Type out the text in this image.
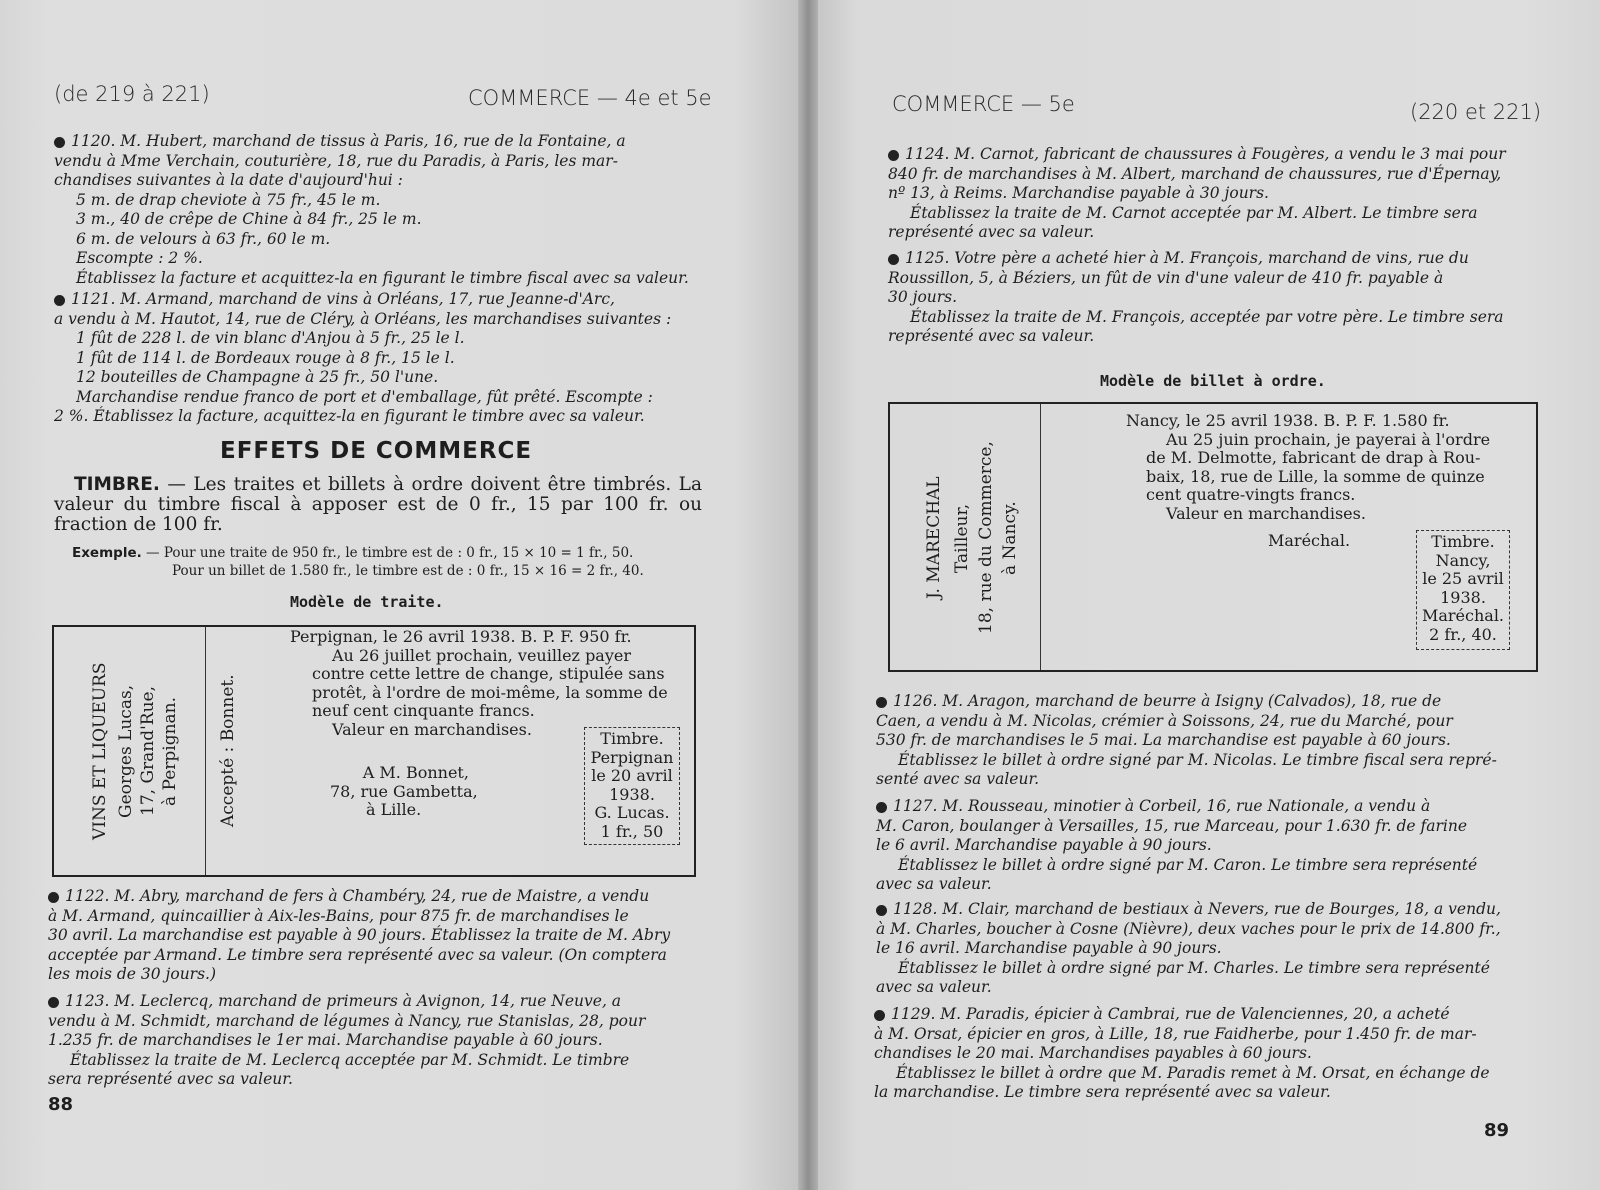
(de 219 à 221)	COMMERCE — 4e et 5e
1120. M. Hubert, marchand de tissus à Paris, 16, rue de la Fontaine, a
vendu à Mme Verchain, couturière, 18, rue du Paradis, à Paris, les mar-
chandises suivantes à la date d'aujourd'hui :
5 m. de drap cheviote à 75 fr., 45 le m.
3 m., 40 de crêpe de Chine à 84 fr., 25 le m.
6 m. de velours à 63 fr., 60 le m.
Escompte : 2 %.
Établissez la facture et acquittez-la en figurant le timbre fiscal avec sa valeur.
1121. M. Armand, marchand de vins à Orléans, 17, rue Jeanne-d'Arc,
a vendu à M. Hautot, 14, rue de Cléry, à Orléans, les marchandises suivantes :
1 fût de 228 l. de vin blanc d'Anjou à 5 fr., 25 le l.
1 fût de 114 l. de Bordeaux rouge à 8 fr., 15 le l.
12 bouteilles de Champagne à 25 fr., 50 l'une.
Marchandise rendue franco de port et d'emballage, fût prêté. Escompte :
2 %. Établissez la facture, acquittez-la en figurant le timbre avec sa valeur.
EFFETS DE COMMERCE
TIMBRE. — Les traites et billets à ordre doivent être timbrés. La valeur du timbre fiscal à apposer est de 0 fr., 15 par 100 fr. ou fraction de 100 fr.
Exemple. — Pour une traite de 950 fr., le timbre est de : 0 fr., 15 × 10 = 1 fr., 50.
Pour un billet de 1.580 fr., le timbre est de : 0 fr., 15 × 16 = 2 fr., 40.
Modèle de traite.
VINS ET LIQUEURS Georges Lucas, 17, Grand'Rue, à Perpignan. Accepté : Bonnet.
Perpignan, le 26 avril 1938. B. P. F. 950 fr.
Au 26 juillet prochain, veuillez payer
contre cette lettre de change, stipulée sans
protêt, à l'ordre de moi-même, la somme de
neuf cent cinquante francs.
Valeur en marchandises.
A M. Bonnet,
78, rue Gambetta,
à Lille.
Timbre.
Perpignan
le 20 avril
1938.
G. Lucas.
1 fr., 50
1122. M. Abry, marchand de fers à Chambéry, 24, rue de Maistre, a vendu
à M. Armand, quincaillier à Aix-les-Bains, pour 875 fr. de marchandises le
30 avril. La marchandise est payable à 90 jours. Établissez la traite de M. Abry
acceptée par Armand. Le timbre sera représenté avec sa valeur. (On comptera
les mois de 30 jours.)
1123. M. Leclercq, marchand de primeurs à Avignon, 14, rue Neuve, a
vendu à M. Schmidt, marchand de légumes à Nancy, rue Stanislas, 28, pour
1.235 fr. de marchandises le 1er mai. Marchandise payable à 60 jours.
Établissez la traite de M. Leclercq acceptée par M. Schmidt. Le timbre
sera représenté avec sa valeur.
88
COMMERCE — 5e	(220 et 221)
1124. M. Carnot, fabricant de chaussures à Fougères, a vendu le 3 mai pour
840 fr. de marchandises à M. Albert, marchand de chaussures, rue d'Épernay,
nº 13, à Reims. Marchandise payable à 30 jours.
Établissez la traite de M. Carnot acceptée par M. Albert. Le timbre sera
représenté avec sa valeur.
1125. Votre père a acheté hier à M. François, marchand de vins, rue du
Roussillon, 5, à Béziers, un fût de vin d'une valeur de 410 fr. payable à
30 jours.
Établissez la traite de M. François, acceptée par votre père. Le timbre sera
représenté avec sa valeur.
Modèle de billet à ordre.
J. MARECHAL Tailleur, 18, rue du Commerce, à Nancy.
Nancy, le 25 avril 1938. B. P. F. 1.580 fr.
Au 25 juin prochain, je payerai à l'ordre
de M. Delmotte, fabricant de drap à Rou-
baix, 18, rue de Lille, la somme de quinze
cent quatre-vingts francs.
Valeur en marchandises.
Maréchal.	Timbre.
Nancy,
le 25 avril
1938.
Maréchal.
2 fr., 40.
1126. M. Aragon, marchand de beurre à Isigny (Calvados), 18, rue de
Caen, a vendu à M. Nicolas, crémier à Soissons, 24, rue du Marché, pour
530 fr. de marchandises le 5 mai. La marchandise est payable à 60 jours.
Établissez le billet à ordre signé par M. Nicolas. Le timbre fiscal sera repré-
senté avec sa valeur.
1127. M. Rousseau, minotier à Corbeil, 16, rue Nationale, a vendu à
M. Caron, boulanger à Versailles, 15, rue Marceau, pour 1.630 fr. de farine
le 6 avril. Marchandise payable à 90 jours.
Établissez le billet à ordre signé par M. Caron. Le timbre sera représenté
avec sa valeur.
1128. M. Clair, marchand de bestiaux à Nevers, rue de Bourges, 18, a vendu,
à M. Charles, boucher à Cosne (Nièvre), deux vaches pour le prix de 14.800 fr.,
le 16 avril. Marchandise payable à 90 jours.
Établissez le billet à ordre signé par M. Charles. Le timbre sera représenté
avec sa valeur.
1129. M. Paradis, épicier à Cambrai, rue de Valenciennes, 20, a acheté
à M. Orsat, épicier en gros, à Lille, 18, rue Faidherbe, pour 1.450 fr. de mar-
chandises le 20 mai. Marchandises payables à 60 jours.
Établissez le billet à ordre que M. Paradis remet à M. Orsat, en échange de
la marchandise. Le timbre sera représenté avec sa valeur.
89
